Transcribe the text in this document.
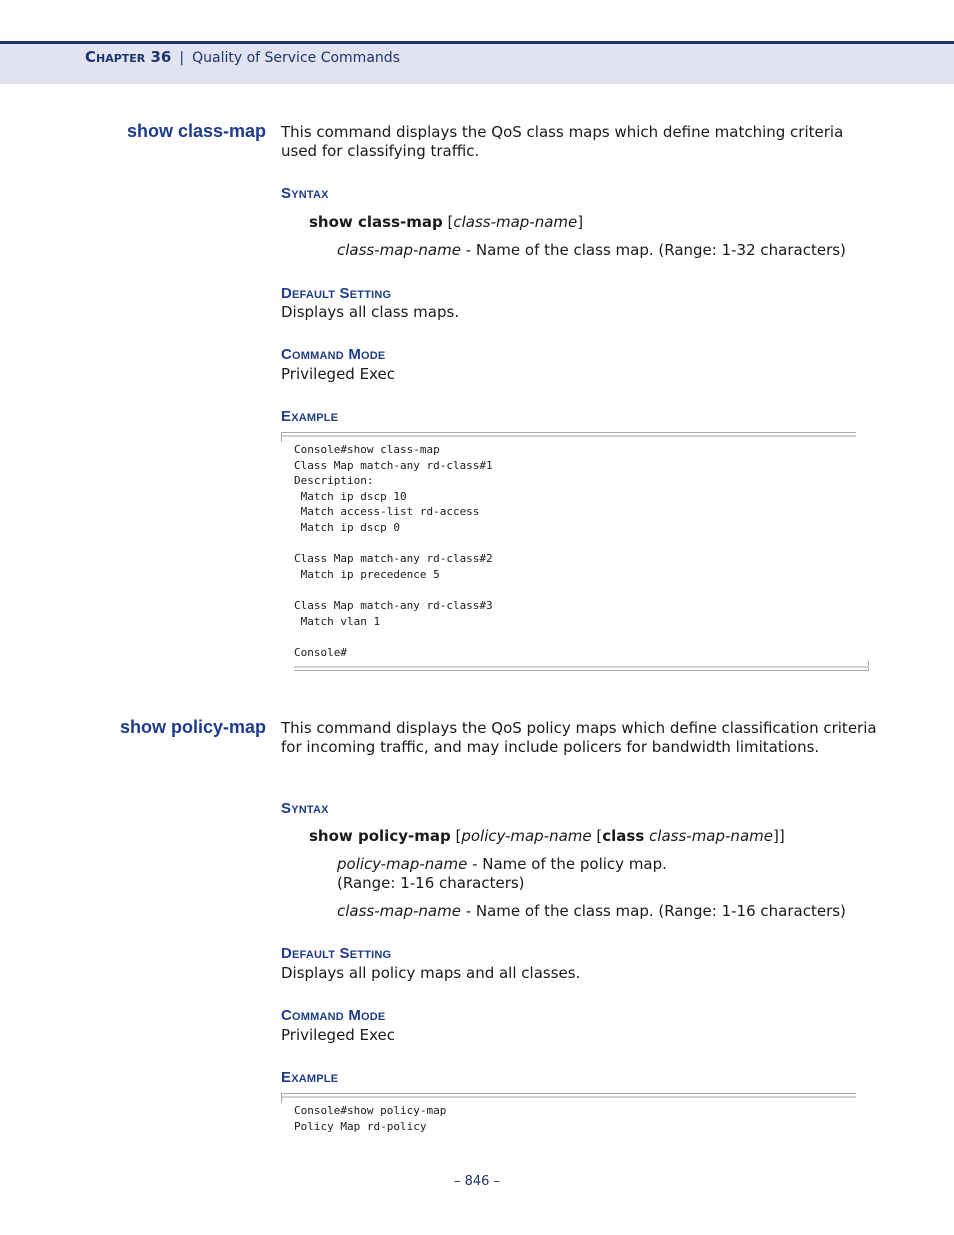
Chapter 36 | Quality of Service Commands
show class-map This command displays the QoS class maps which define matching criteria used for classifying traffic.
Syntax
show class-map [class-map-name]
class-map-name - Name of the class map. (Range: 1-32 characters)
Default Setting
Displays all class maps.
Command Mode
Privileged Exec
Example
Console#show class-map
Class Map match-any rd-class#1
Description:
Match ip dscp 10
Match access-list rd-access
Match ip dscp 0

Class Map match-any rd-class#2
Match ip precedence 5

Class Map match-any rd-class#3
Match vlan 1

Console#
show policy-map This command displays the QoS policy maps which define classification criteria for incoming traffic, and may include policers for bandwidth limitations.
Syntax
show policy-map [policy-map-name [class class-map-name]]
policy-map-name - Name of the policy map.
(Range: 1-16 characters)
class-map-name - Name of the class map. (Range: 1-16 characters)
Default Setting
Displays all policy maps and all classes.
Command Mode
Privileged Exec
Example
Console#show policy-map
Policy Map rd-policy
– 846 –
